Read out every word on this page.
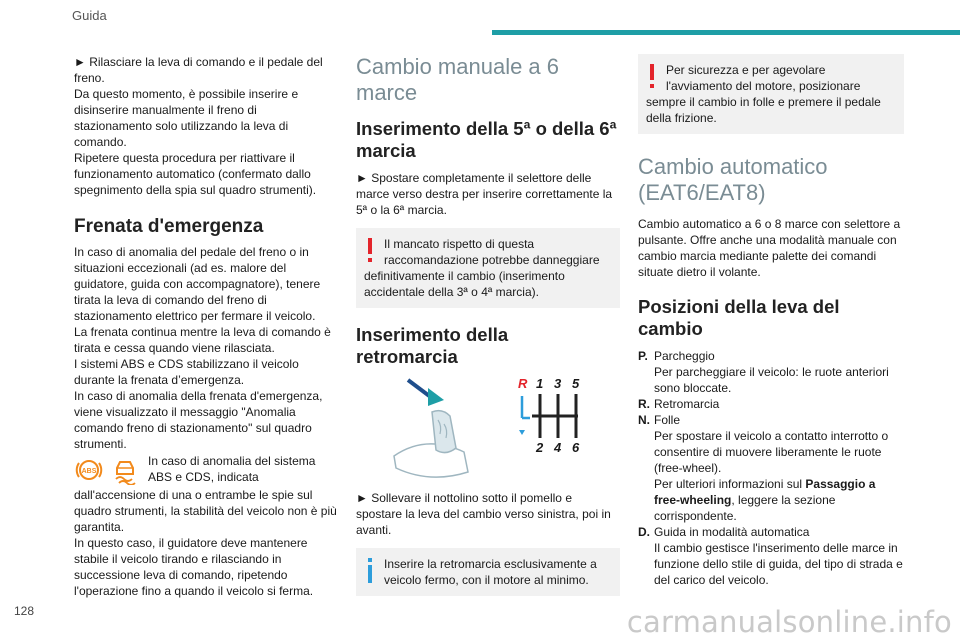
Guida

► Rilasciare la leva di comando e il pedale del freno.

Da questo momento, è possibile inserire e disinserire manualmente il freno di stazionamento solo utilizzando la leva di comando.

Ripetere questa procedura per riattivare il funzionamento automatico (confermato dallo spegnimento della spia sul quadro strumenti).

Frenata d'emergenza

In caso di anomalia del pedale del freno o in situazioni eccezionali (ad es. malore del guidatore, guida con accompagnatore), tenere tirata la leva di comando del freno di stazionamento elettrico per fermare il veicolo.

La frenata continua mentre la leva di comando è tirata e cessa quando viene rilasciata.

I sistemi ABS e CDS stabilizzano il veicolo durante la frenata d’emergenza.

In caso di anomalia della frenata d'emergenza, viene visualizzato il messaggio "Anomalia comando freno di stazionamento" sul quadro strumenti.

ABS
In caso di anomalia del sistema
ABS e CDS, indicata

dall'accensione di una o entrambe le spie sul quadro strumenti, la stabilità del veicolo non è più garantita.

In questo caso, il guidatore deve mantenere stabile il veicolo tirando e rilasciando in successione leva di comando, ripetendo l'operazione fino a quando il veicolo si ferma.

Cambio manuale a 6 marce
Inserimento della 5ª o della 6ª marcia

► Spostare completamente il selettore delle marce verso destra per inserire correttamente la 5ª o la 6ª marcia.

Il mancato rispetto di questa
raccomandazione potrebbe danneggiare
definitivamente il cambio (inserimento accidentale della 3ª o 4ª marcia).
Inserimento della retromarcia
R 1 3 5
2 4 6

► Sollevare il nottolino sotto il pomello e spostare la leva del cambio verso sinistra, poi in avanti.

Inserire la retromarcia esclusivamente a
veicolo fermo, con il motore al minimo.
Per sicurezza e per agevolare
l'avviamento del motore, posizionare
sempre il cambio in folle e premere il pedale della frizione.
Cambio automatico (EAT6/EAT8)

Cambio automatico a 6 o 8 marce con selettore a pulsante. Offre anche una modalità manuale con cambio marcia mediante palette dei comandi situate dietro il volante.

Posizioni della leva del cambio
P. Parcheggio
Per parcheggiare il veicolo: le ruote anteriori sono bloccate.
R. Retromarcia
N. Folle
Per spostare il veicolo a contatto interrotto o consentire di muovere liberamente le ruote (free-wheel).
Per ulteriori informazioni sul Passaggio a free-wheeling, leggere la sezione corrispondente.
D. Guida in modalità automatica
Il cambio gestisce l'inserimento delle marce in funzione dello stile di guida, del tipo di strada e del carico del veicolo.
128	carmanualsonline.info
